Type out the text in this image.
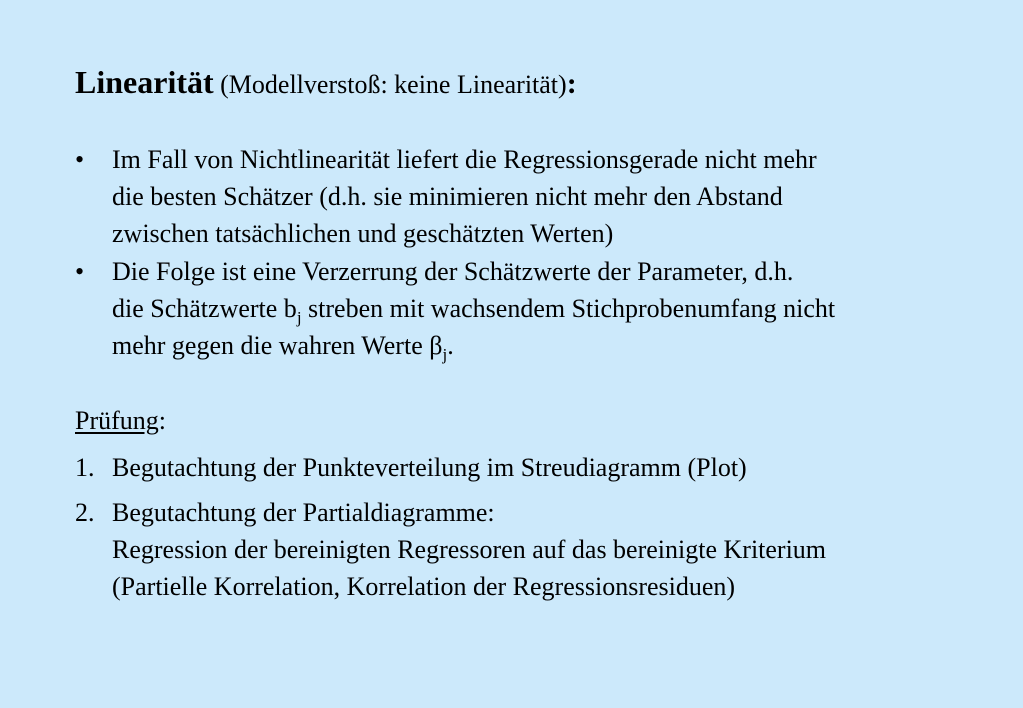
Linearität (Modellverstoß: keine Linearität):
• Im Fall von Nichtlinearität liefert die Regressionsgerade nicht mehr
die besten Schätzer (d.h. sie minimieren nicht mehr den Abstand
zwischen tatsächlichen und geschätzten Werten)
• Die Folge ist eine Verzerrung der Schätzwerte der Parameter, d.h.
die Schätzwerte $b_j$ streben mit wachsendem Stichprobenumfang nicht
mehr gegen die wahren Werte $\beta_j$.
Prüfung:
1. Begutachtung der Punkteverteilung im Streudiagramm (Plot)
2. Begutachtung der Partialdiagramme:
Regression der bereinigten Regressoren auf das bereinigte Kriterium
(Partielle Korrelation, Korrelation der Regressionsresiduen)
